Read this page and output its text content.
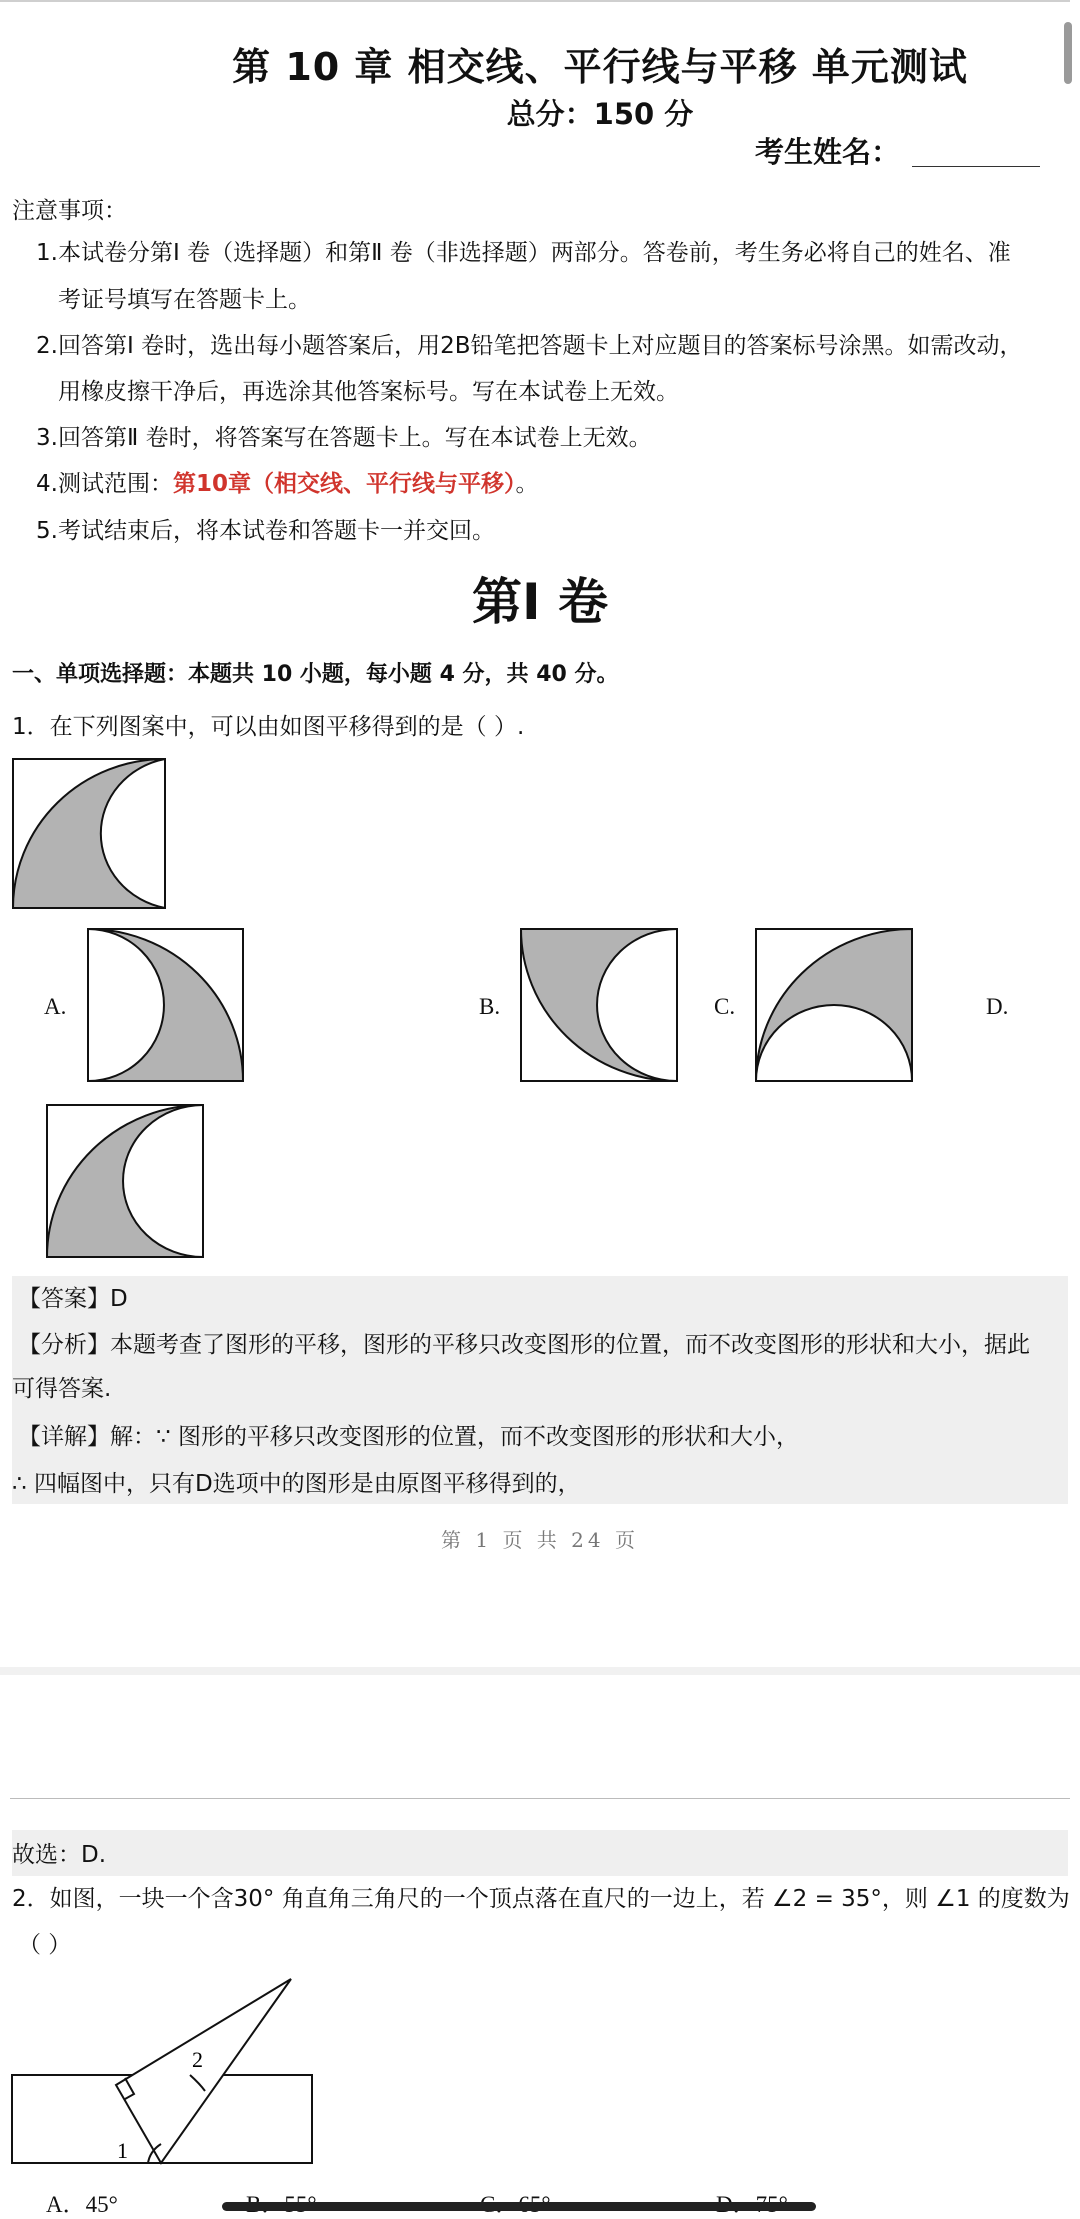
第 10 章 相交线、平行线与平移 单元测试
总分：150 分
考生姓名：
注意事项：
1. 本试卷分第Ⅰ 卷（选择题）和第Ⅱ 卷（非选择题）两部分。答卷前，考生务必将自己的姓名、准
考证号填写在答题卡上。
2. 回答第Ⅰ 卷时，选出每小题答案后，用2B铅笔把答题卡上对应题目的答案标号涂黑。如需改动，
用橡皮擦干净后，再选涂其他答案标号。写在本试卷上无效。
3. 回答第Ⅱ 卷时，将答案写在答题卡上。写在本试卷上无效。
4. 测试范围：第10章（相交线、平行线与平移）。
5. 考试结束后，将本试卷和答题卡一并交回。
第Ⅰ 卷
一、单项选择题：本题共 10 小题，每小题 4 分，共 40 分。
1．在下列图案中，可以由如图平移得到的是（ ）.
A.	B.	C.	D.
【答案】D
【分析】本题考查了图形的平移，图形的平移只改变图形的位置，而不改变图形的形状和大小，据此
可得答案.
【详解】解：∵ 图形的平移只改变图形的位置，而不改变图形的形状和大小，
∴ 四幅图中，只有D选项中的图形是由原图平移得到的，
第 1 页 共 24 页
故选：D.
2．如图，一块一个含30° 角直角三角尺的一个顶点落在直尺的一边上，若 ∠2 = 35°，则 ∠1 的度数为
（ ）
2
1
A．45°
